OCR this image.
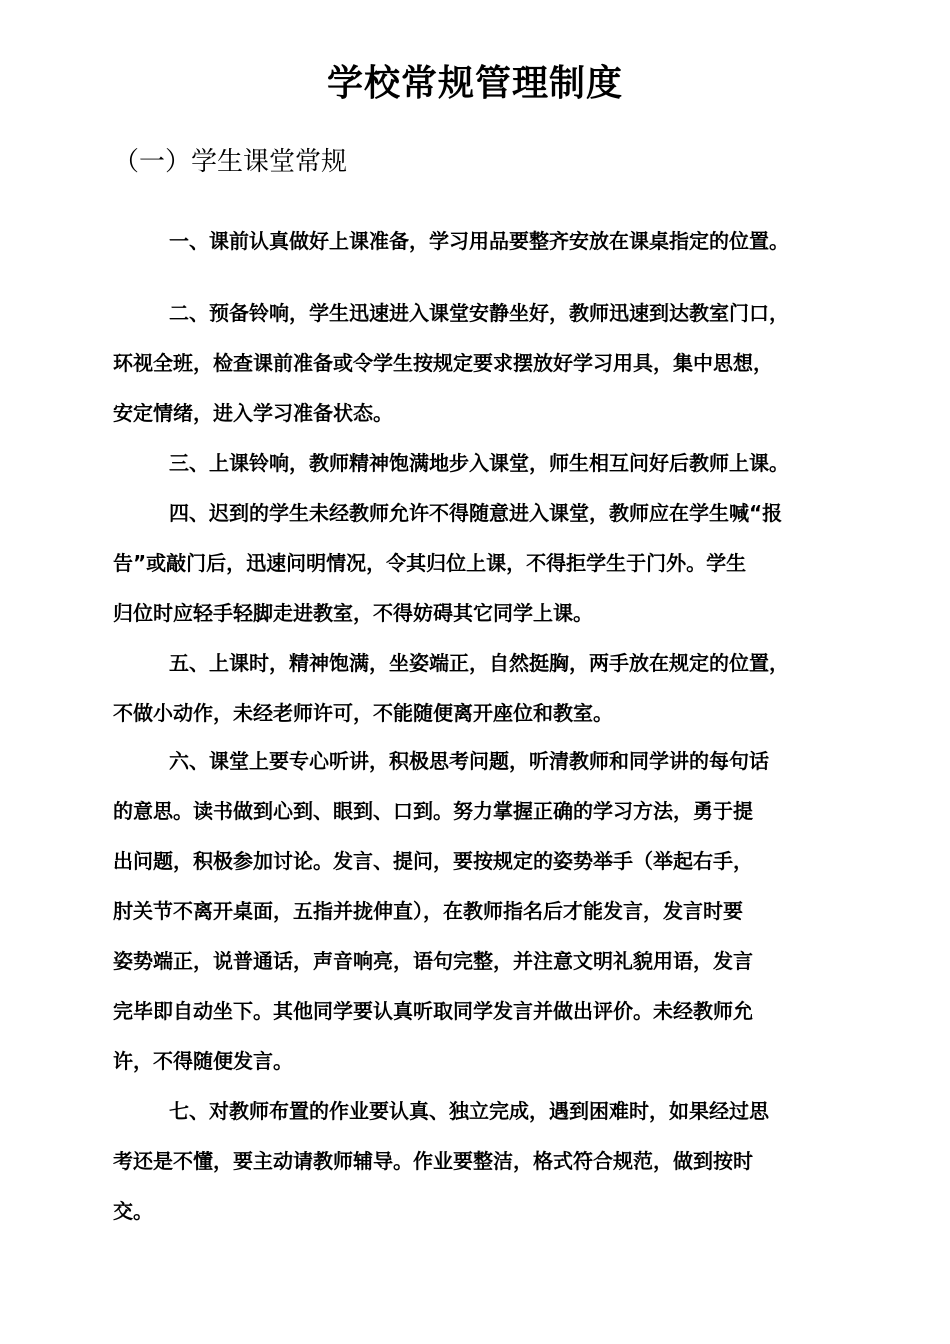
学校常规管理制度
（一）学生课堂常规
一、课前认真做好上课准备，学习用品要整齐安放在课桌指定的位置。
二、预备铃响，学生迅速进入课堂安静坐好，教师迅速到达教室门口，
环视全班，检查课前准备或令学生按规定要求摆放好学习用具，集中思想，
安定情绪，进入学习准备状态。
三、上课铃响，教师精神饱满地步入课堂，师生相互问好后教师上课。
四、迟到的学生未经教师允许不得随意进入课堂，教师应在学生喊“报
告”或敲门后，迅速问明情况，令其归位上课，不得拒学生于门外。学生
归位时应轻手轻脚走进教室，不得妨碍其它同学上课。
五、上课时，精神饱满，坐姿端正，自然挺胸，两手放在规定的位置，
不做小动作，未经老师许可，不能随便离开座位和教室。
六、课堂上要专心听讲，积极思考问题，听清教师和同学讲的每句话
的意思。读书做到心到、眼到、口到。努力掌握正确的学习方法，勇于提
出问题，积极参加讨论。发言、提问，要按规定的姿势举手（举起右手，
肘关节不离开桌面，五指并拢伸直），在教师指名后才能发言，发言时要
姿势端正，说普通话，声音响亮，语句完整，并注意文明礼貌用语，发言
完毕即自动坐下。其他同学要认真听取同学发言并做出评价。未经教师允
许，不得随便发言。
七、对教师布置的作业要认真、独立完成，遇到困难时，如果经过思
考还是不懂，要主动请教师辅导。作业要整洁，格式符合规范，做到按时
交。
